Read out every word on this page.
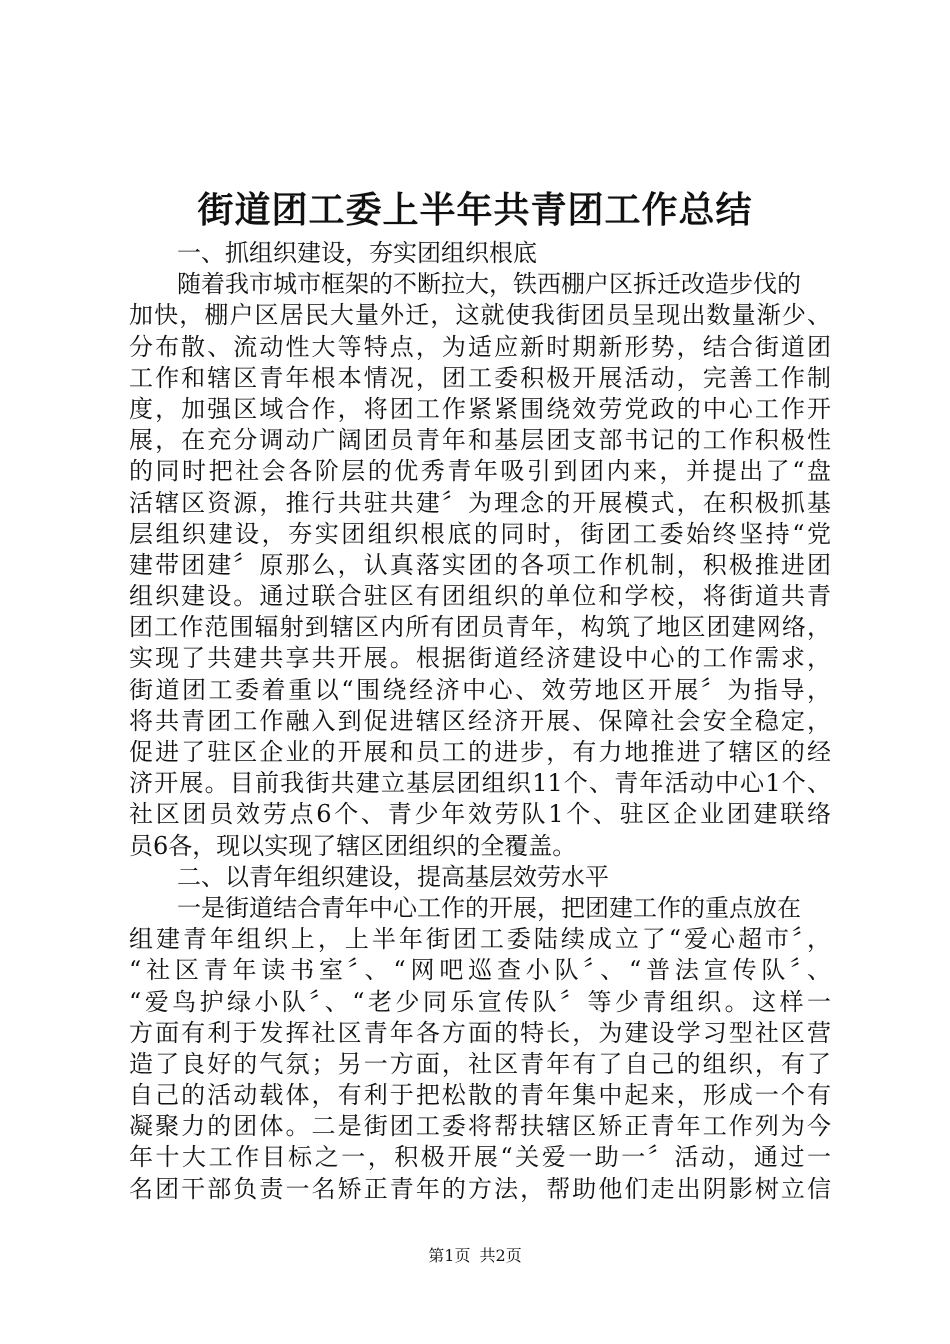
街道团工委上半年共青团工作总结
一、抓组织建设，夯实团组织根底
随着我市城市框架的不断拉大，铁西棚户区拆迁改造步伐的
加快，棚户区居民大量外迁，这就使我街团员呈现出数量渐少、
分布散、流动性大等特点，为适应新时期新形势，结合街道团
工作和辖区青年根本情况，团工委积极开展活动，完善工作制
度，加强区域合作，将团工作紧紧围绕效劳党政的中心工作开
展，在充分调动广阔团员青年和基层团支部书记的工作积极性
的同时把社会各阶层的优秀青年吸引到团内来，并提出了“盘
活辖区资源，推行共驻共建〞为理念的开展模式，在积极抓基
层组织建设，夯实团组织根底的同时，街团工委始终坚持“党
建带团建〞原那么，认真落实团的各项工作机制，积极推进团
组织建设。通过联合驻区有团组织的单位和学校，将街道共青
团工作范围辐射到辖区内所有团员青年，构筑了地区团建网络，
实现了共建共享共开展。根据街道经济建设中心的工作需求，
街道团工委着重以“围绕经济中心、效劳地区开展〞为指导，
将共青团工作融入到促进辖区经济开展、保障社会安全稳定，
促进了驻区企业的开展和员工的进步，有力地推进了辖区的经
济开展。目前我街共建立基层团组织11个、青年活动中心1个、
社区团员效劳点6个、青少年效劳队1个、驻区企业团建联络
员6各，现以实现了辖区团组织的全覆盖。
二、以青年组织建设，提高基层效劳水平
一是街道结合青年中心工作的开展，把团建工作的重点放在
组建青年组织上，上半年街团工委陆续成立了“爱心超市〞，
“社区青年读书室〞、“网吧巡查小队〞、“普法宣传队〞、
“爱鸟护绿小队〞、“老少同乐宣传队〞等少青组织。这样一
方面有利于发挥社区青年各方面的特长，为建设学习型社区营
造了良好的气氛；另一方面，社区青年有了自己的组织，有了
自己的活动载体，有利于把松散的青年集中起来，形成一个有
凝聚力的团体。二是街团工委将帮扶辖区矫正青年工作列为今
年十大工作目标之一，积极开展“关爱一助一〞活动，通过一
名团干部负责一名矫正青年的方法，帮助他们走出阴影树立信
第1页 共2页
